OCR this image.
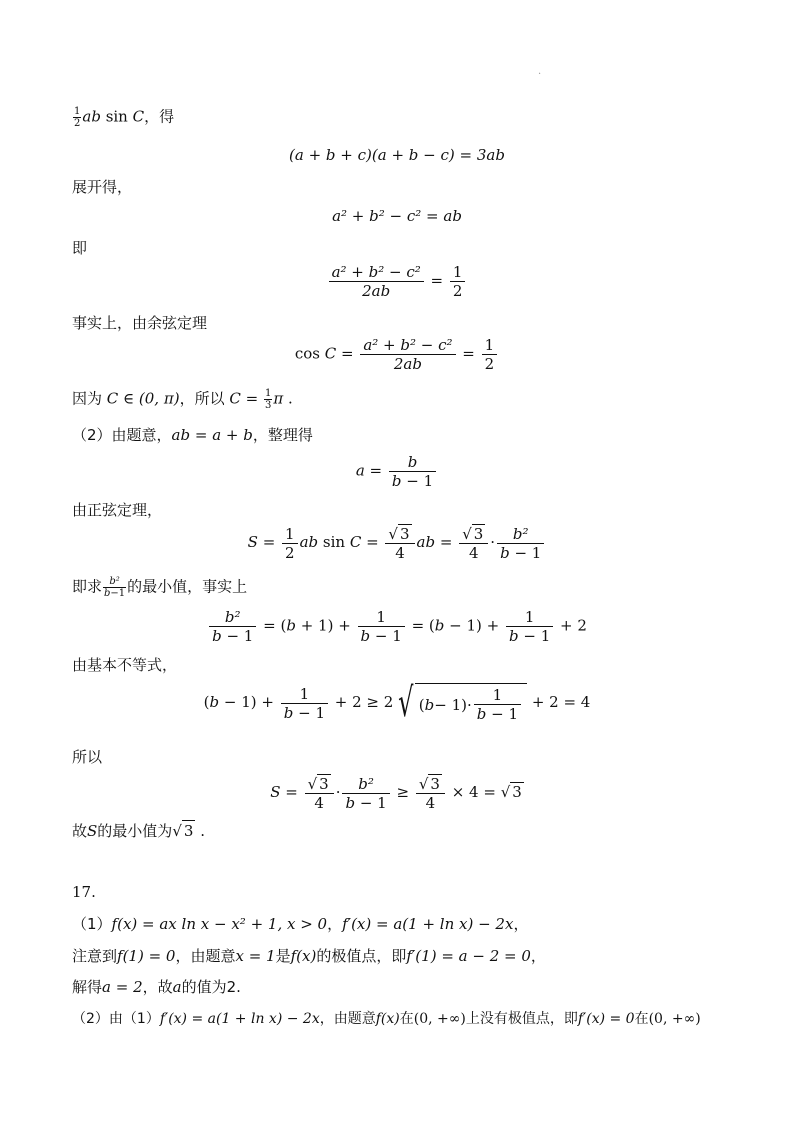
.
$\frac{1}{2}$ ab sin C，得
(a + b + c)(a + b − c) = 3ab
展开得，
a² + b² − c² = ab
即
$\frac{\text{a² + b² − c²}}{2ab} = \frac{1}{2}$
事实上，由余弦定理
$\cos C = \frac{\text{a² + b² − c²}}{2ab} = \frac{1}{2}$
因为 C ∈ (0, π)，所以 $C = \frac{1}{3}$ π .
（2）由题意，ab = a + b，整理得
$a = \frac{b}{b - 1}$
由正弦定理，
$S = \frac{1}{2}$ ab $\sin C = \frac{√ 3}{4}$ ab = $\frac{√ 3}{4} \cdot \frac{\text{b²}}{b - 1}$
即求 $\frac{\text{b²}}{b-1}$ 的最小值，事实上
$\frac{\text{b²}}{b - 1} = (b + 1) + \frac{1}{b - 1} = (b - 1) + \frac{1}{b - 1} + 2$
由基本不等式，
$(b - 1) + \frac{1}{b - 1} + 2 \ge 2$ √ ( $b - 1)\cdot \frac{1}{b - 1} + 2 = 4$
所以
$S = \frac{√ 3}{4} \cdot \frac{\text{b²}}{b - 1} \ge \frac{√ 3}{4} \times 4$ = √ 3
故S的最小值为√ 3 .
17.
（1）f(x) = ax ln x − x² + 1, x > 0，f′(x) = a(1 + ln x) − 2x，
注意到f(1) = 0，由题意x = 1是f(x)的极值点，即f′(1) = a − 2 = 0，
解得a = 2，故a的值为2.
（2）由（1）f′(x) = a(1 + ln x) − 2x，由题意f(x)在(0, +∞)上没有极值点，即f′(x) = 0在(0, +∞)
